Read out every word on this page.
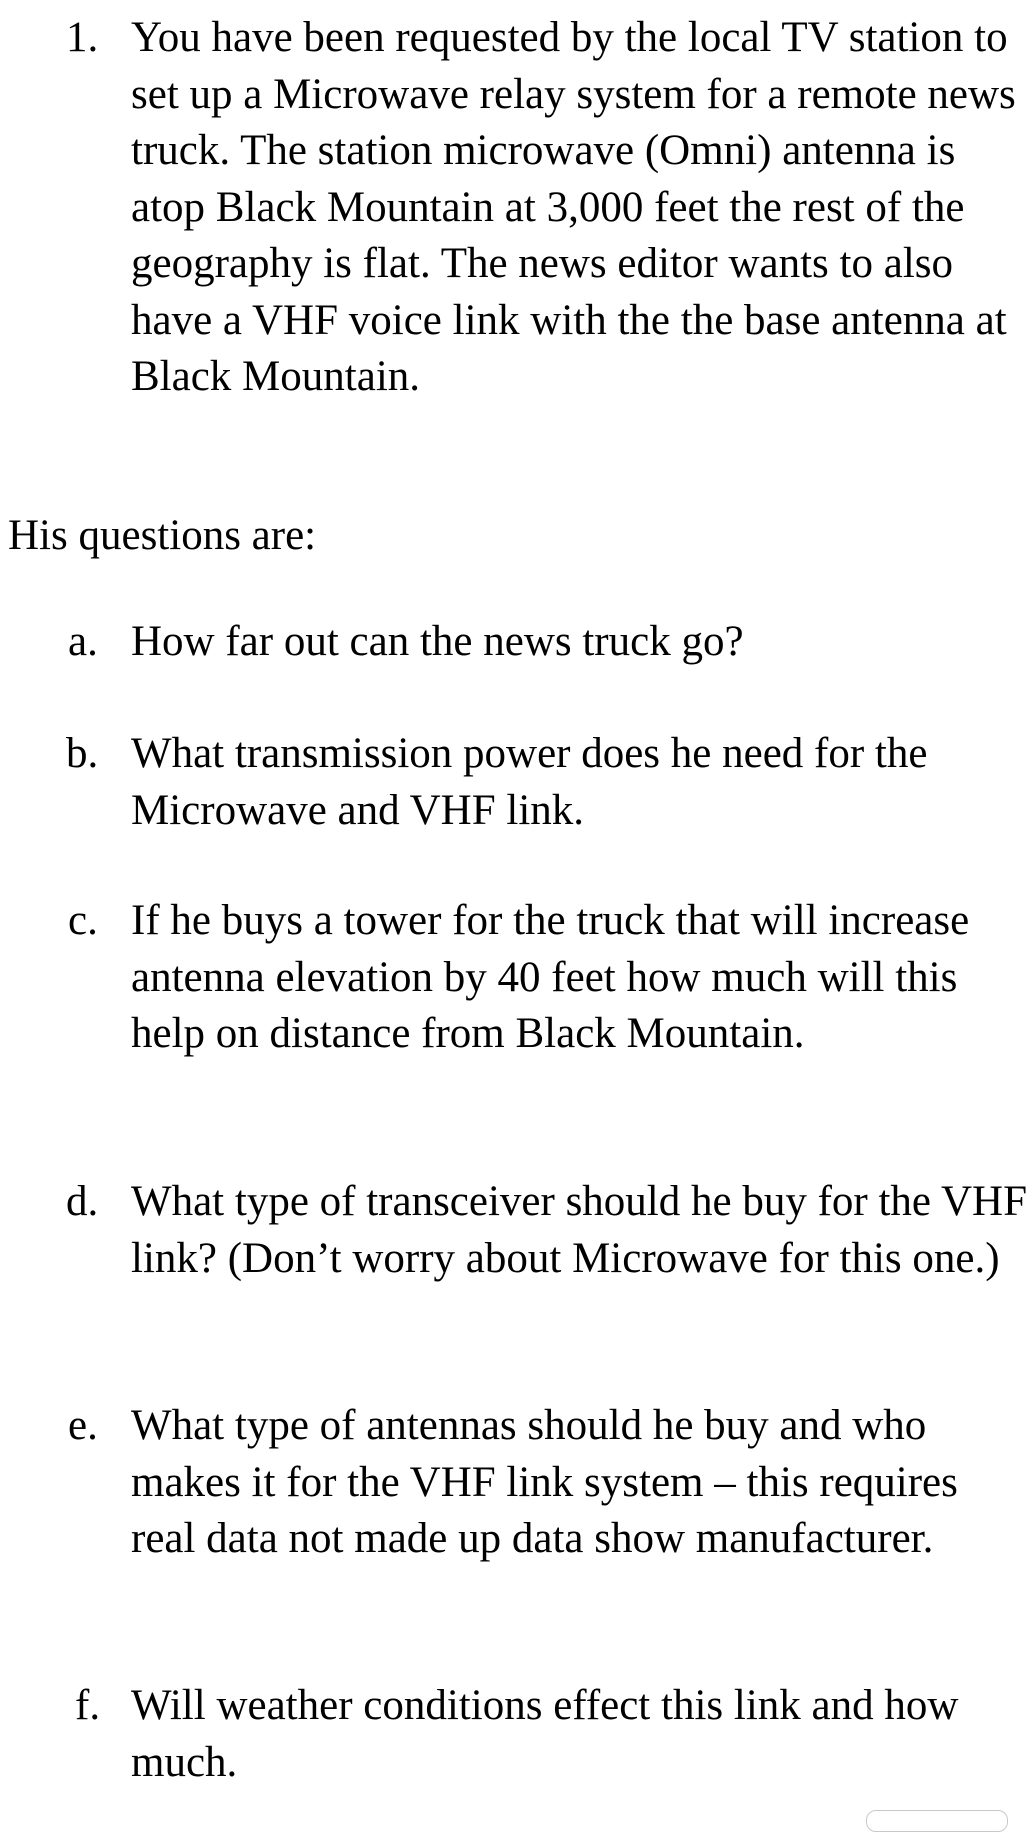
1. You have been requested by the local TV station to set up a Microwave relay system for a remote news truck. The station microwave (Omni) antenna is atop Black Mountain at 3,000 feet the rest of the geography is flat. The news editor wants to also have a VHF voice link with the the base antenna at Black Mountain.

His questions are:

a. How far out can the news truck go?

b. What transmission power does he need for the Microwave and VHF link.

c. If he buys a tower for the truck that will increase antenna elevation by 40 feet how much will this help on distance from Black Mountain.

d. What type of transceiver should he buy for the VHF link? (Don’t worry about Microwave for this one.)

e. What type of antennas should he buy and who makes it for the VHF link system – this requires real data not made up data show manufacturer.

f. Will weather conditions effect this link and how much.
